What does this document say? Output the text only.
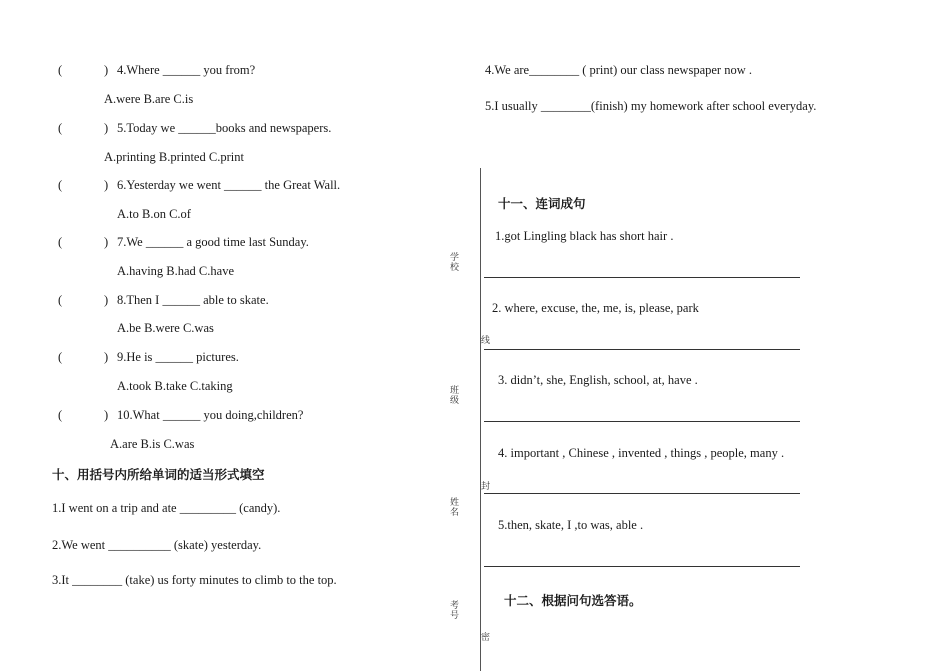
(	) 4.Where ______ you from?
A.were B.are C.is
(	) 5.Today we ______books and newspapers.
A.printing B.printed C.print
(	) 6.Yesterday we went ______ the Great Wall.
A.to B.on C.of
(	) 7.We ______ a good time last Sunday.
A.having B.had C.have
(	) 8.Then I ______ able to skate.
A.be B.were C.was
(	) 9.He is ______ pictures.
A.took B.take C.taking
(	) 10.What ______ you doing,children?
A.are B.is C.was
十、用括号内所给单词的适当形式填空
1.I went on a trip and ate _________ (candy).
2.We went __________ (skate) yesterday.
3.It ________ (take) us forty minutes to climb to the top.
4.We are________ ( print) our class newspaper now .
5.I usually ________(finish) my homework after school everyday.
学校
班级
姓名
考号
线
封
密
十一、连词成句
1.got Lingling black has short hair .
2. where, excuse, the, me, is, please, park
3. didn’t, she, English, school, at, have .
4. important , Chinese , invented , things , people, many .
5.then, skate, I ,to was, able .
十二、根据问句选答语。
